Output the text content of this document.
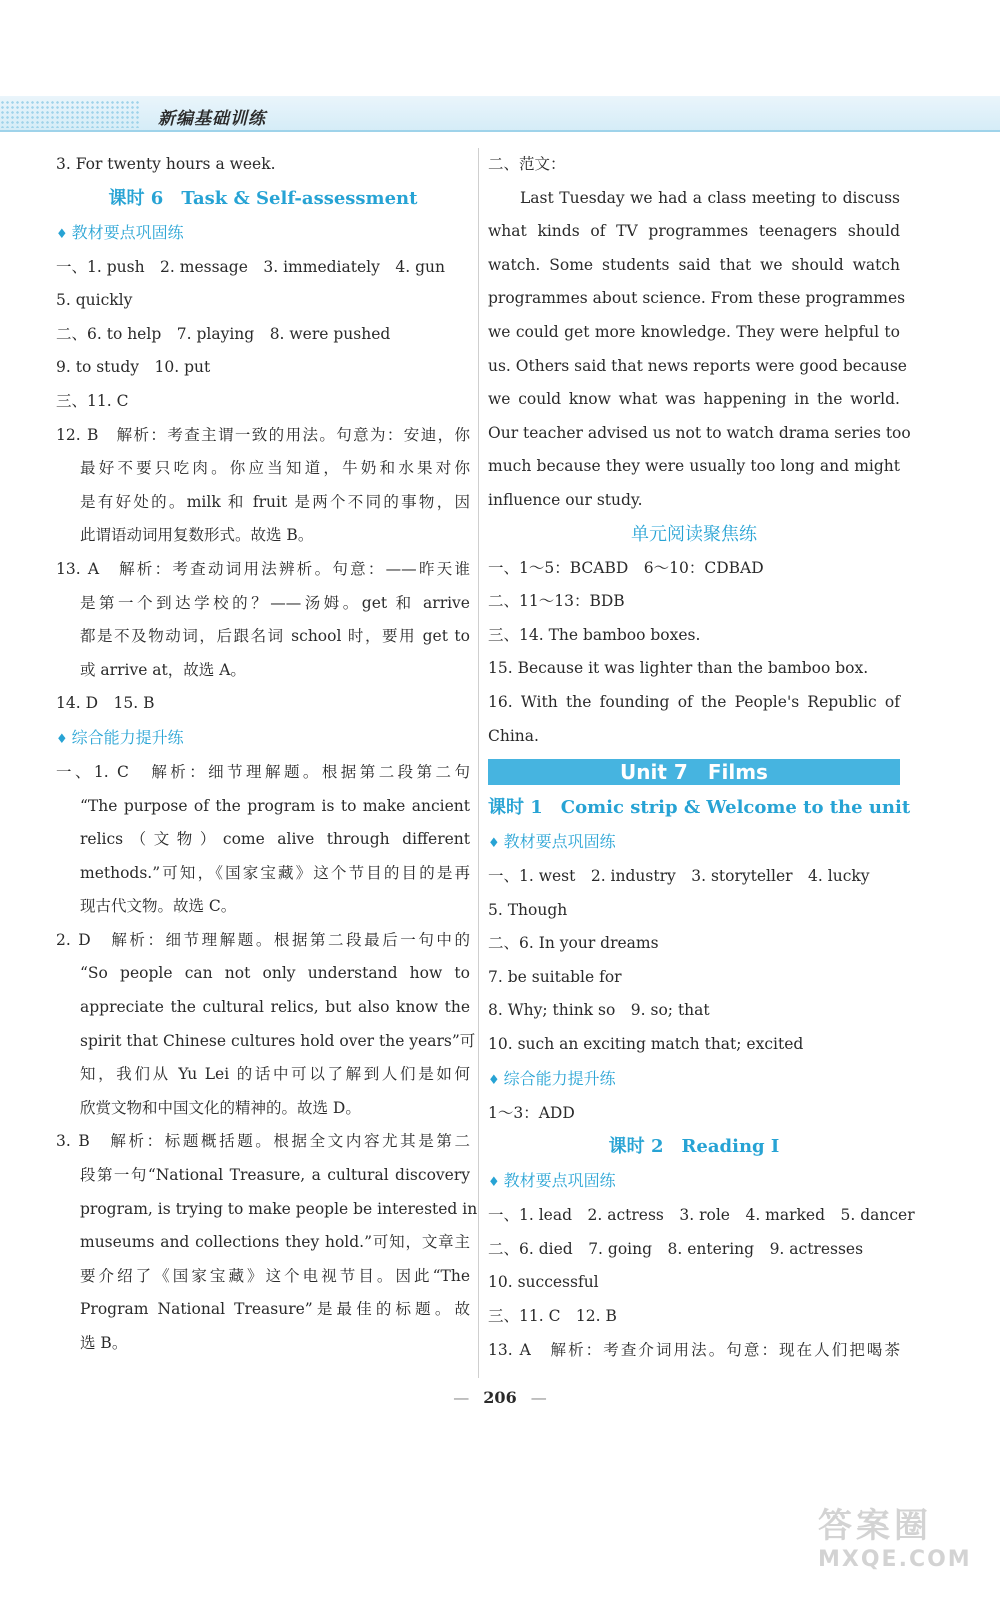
新编基础训练
3. For twenty hours a week.
课时 6　Task & Self-assessment
♦ 教材要点巩固练
一、1. push　2. message　3. immediately　4. gun
5. quickly
二、6. to help　7. playing　8. were pushed
9. to study　10. put
三、11. C
12. B　解析：考查主谓一致的用法。句意为：安迪，你
最好不要只吃肉。你应当知道，牛奶和水果对你
是有好处的。milk 和 fruit 是两个不同的事物，因
此谓语动词用复数形式。故选 B。
13. A　解析：考查动词用法辨析。句意：——昨天谁
是第一个到达学校的？——汤姆。get 和 arrive
都是不及物动词，后跟名词 school 时，要用 get to
或 arrive at，故选 A。
14. D　15. B
♦ 综合能力提升练
一、1. C　解析：细节理解题。根据第二段第二句
“The purpose of the program is to make ancient
relics（文物）come alive through different
methods.”可知，《国家宝藏》这个节目的目的是再
现古代文物。故选 C。
2. D　解析：细节理解题。根据第二段最后一句中的
“So people can not only understand how to
appreciate the cultural relics, but also know the
spirit that Chinese cultures hold over the years”可
知，我们从 Yu Lei 的话中可以了解到人们是如何
欣赏文物和中国文化的精神的。故选 D。
3. B　解析：标题概括题。根据全文内容尤其是第二
段第一句“National Treasure, a cultural discovery
program, is trying to make people be interested in
museums and collections they hold.”可知，文章主
要介绍了《国家宝藏》这个电视节目。因此“The
Program National Treasure”是最佳的标题。故
选 B。
二、范文：
Last Tuesday we had a class meeting to discuss
what kinds of TV programmes teenagers should
watch. Some students said that we should watch
programmes about science. From these programmes
we could get more knowledge. They were helpful to
us. Others said that news reports were good because
we could know what was happening in the world.
Our teacher advised us not to watch drama series too
much because they were usually too long and might
influence our study.
单元阅读聚焦练
一、1～5：BCABD　6～10：CDBAD
二、11～13：BDB
三、14. The bamboo boxes.
15. Because it was lighter than the bamboo box.
16. With the founding of the People's Republic of
China.
Unit 7　Films
课时 1　Comic strip & Welcome to the unit
♦ 教材要点巩固练
一、1. west　2. industry　3. storyteller　4. lucky
5. Though
二、6. In your dreams
7. be suitable for
8. Why; think so　9. so; that
10. such an exciting match that; excited
♦ 综合能力提升练
1～3：ADD
课时 2　Reading Ⅰ
♦ 教材要点巩固练
一、1. lead　2. actress　3. role　4. marked　5. dancer
二、6. died　7. going　8. entering　9. actresses
10. successful
三、11. C　12. B
13. A　解析：考查介词用法。句意：现在人们把喝茶
— 206 —
答案圈
MXQE.COM
